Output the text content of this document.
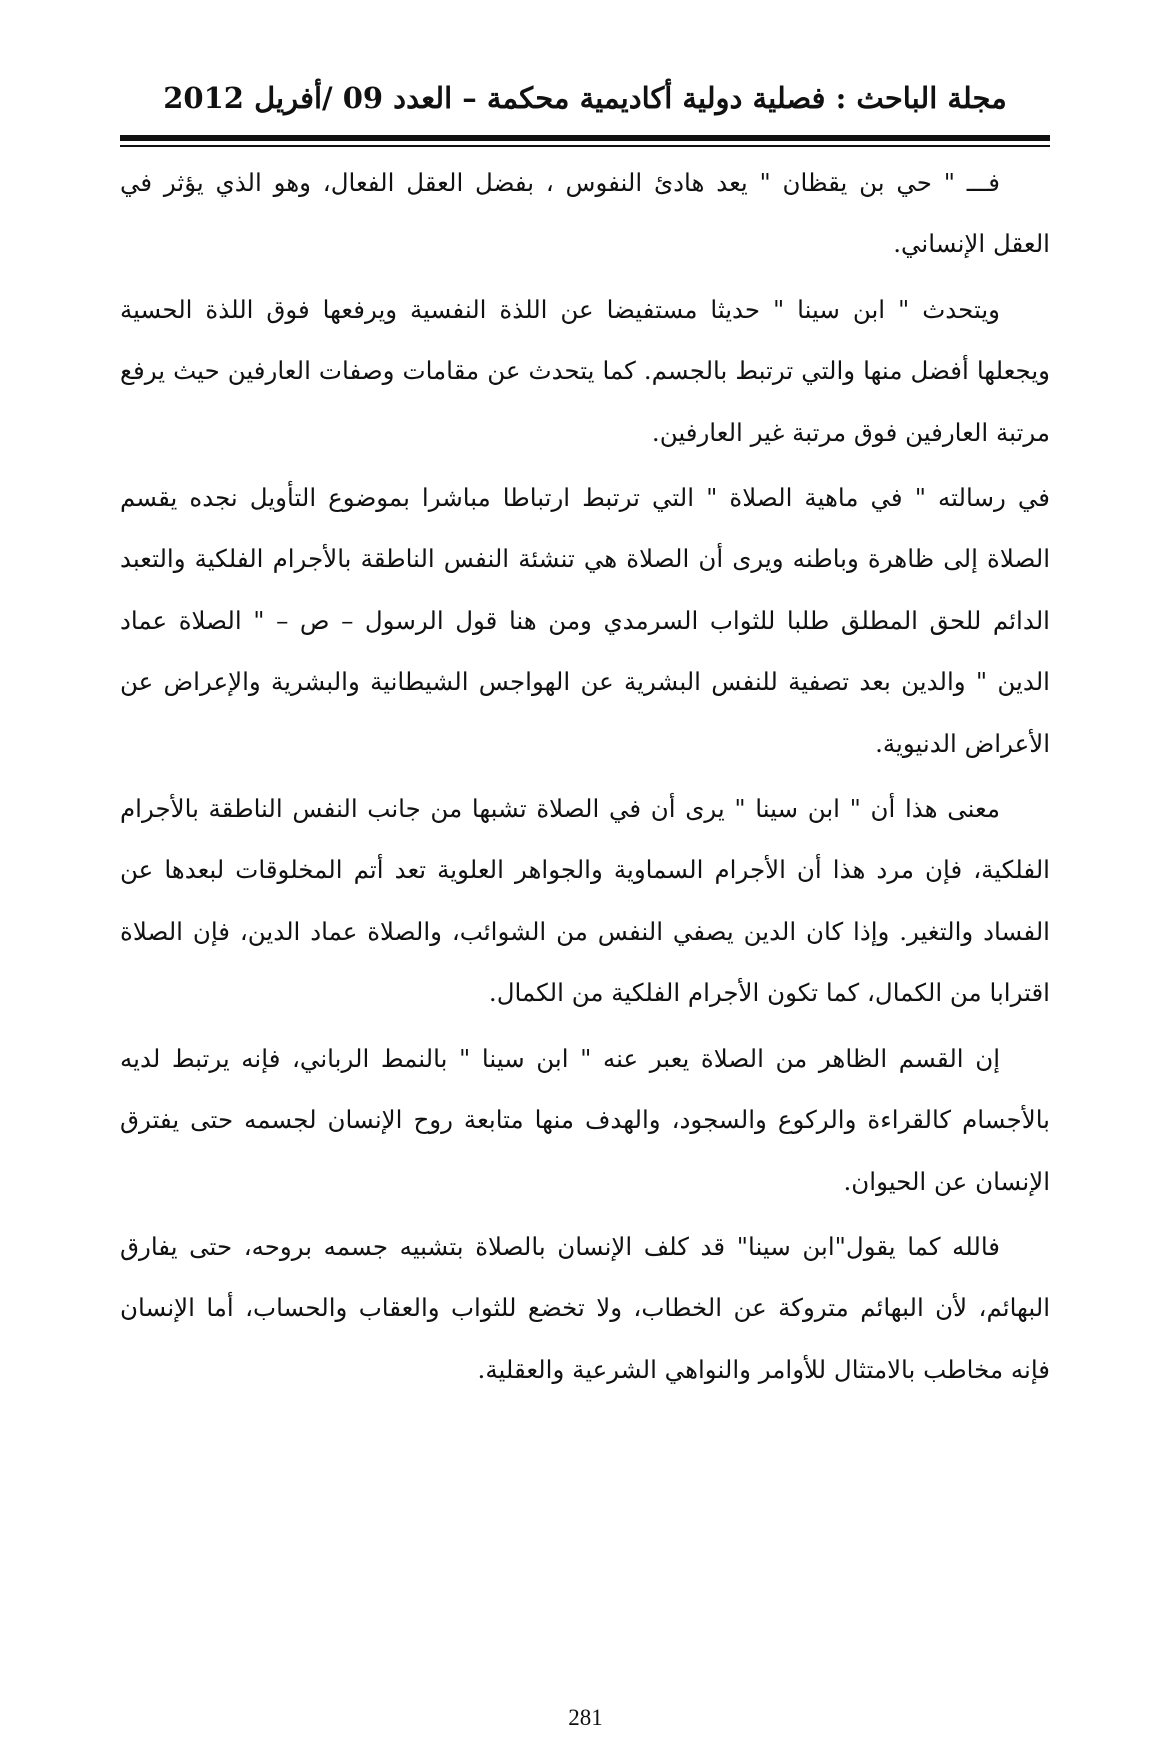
مجلة الباحث : فصلية دولية أكاديمية محكمة – العدد 09 /أفريل 2012

فـــ " حي بن يقظان " يعد هادئ النفوس ، بفضل العقل الفعال، وهو الذي يؤثر في العقل الإنساني.

ويتحدث " ابن سينا " حديثا مستفيضا عن اللذة النفسية ويرفعها فوق اللذة الحسية ويجعلها أفضل منها والتي ترتبط بالجسم. كما يتحدث عن مقامات وصفات العارفين حيث يرفع مرتبة العارفين فوق مرتبة غير العارفين.

في رسالته " في ماهية الصلاة " التي ترتبط ارتباطا مباشرا بموضوع التأويل نجده يقسم الصلاة إلى ظاهرة وباطنه ويرى أن الصلاة هي تنشئة النفس الناطقة بالأجرام الفلكية والتعبد الدائم للحق المطلق طلبا للثواب السرمدي ومن هنا قول الرسول – ص – " الصلاة عماد الدين " والدين بعد تصفية للنفس البشرية عن الهواجس الشيطانية والبشرية والإعراض عن الأعراض الدنيوية.

معنى هذا أن " ابن سينا " يرى أن في الصلاة تشبها من جانب النفس الناطقة بالأجرام الفلكية، فإن مرد هذا أن الأجرام السماوية والجواهر العلوية تعد أتم المخلوقات لبعدها عن الفساد والتغير. وإذا كان الدين يصفي النفس من الشوائب، والصلاة عماد الدين، فإن الصلاة اقترابا من الكمال، كما تكون الأجرام الفلكية من الكمال.

إن القسم الظاهر من الصلاة يعبر عنه " ابن سينا " بالنمط الرباني، فإنه يرتبط لديه بالأجسام كالقراءة والركوع والسجود، والهدف منها متابعة روح الإنسان لجسمه حتى يفترق الإنسان عن الحيوان.

فالله كما يقول"ابن سينا" قد كلف الإنسان بالصلاة بتشبيه جسمه بروحه، حتى يفارق البهائم، لأن البهائم متروكة عن الخطاب، ولا تخضع للثواب والعقاب والحساب، أما الإنسان فإنه مخاطب بالامتثال للأوامر والنواهي الشرعية والعقلية.

281
